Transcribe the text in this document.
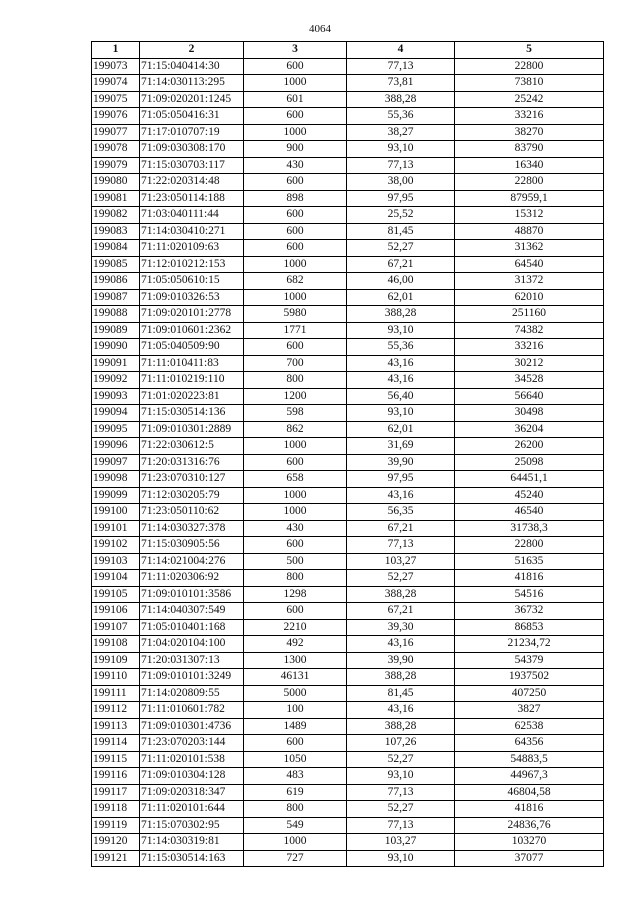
4064
1	2	3	4	5
199073	71:15:040414:30	600	77,13	22800
199074	71:14:030113:295	1000	73,81	73810
199075	71:09:020201:1245	601	388,28	25242
199076	71:05:050416:31	600	55,36	33216
199077	71:17:010707:19	1000	38,27	38270
199078	71:09:030308:170	900	93,10	83790
199079	71:15:030703:117	430	77,13	16340
199080	71:22:020314:48	600	38,00	22800
199081	71:23:050114:188	898	97,95	87959,1
199082	71:03:040111:44	600	25,52	15312
199083	71:14:030410:271	600	81,45	48870
199084	71:11:020109:63	600	52,27	31362
199085	71:12:010212:153	1000	67,21	64540
199086	71:05:050610:15	682	46,00	31372
199087	71:09:010326:53	1000	62,01	62010
199088	71:09:020101:2778	5980	388,28	251160
199089	71:09:010601:2362	1771	93,10	74382
199090	71:05:040509:90	600	55,36	33216
199091	71:11:010411:83	700	43,16	30212
199092	71:11:010219:110	800	43,16	34528
199093	71:01:020223:81	1200	56,40	56640
199094	71:15:030514:136	598	93,10	30498
199095	71:09:010301:2889	862	62,01	36204
199096	71:22:030612:5	1000	31,69	26200
199097	71:20:031316:76	600	39,90	25098
199098	71:23:070310:127	658	97,95	64451,1
199099	71:12:030205:79	1000	43,16	45240
199100	71:23:050110:62	1000	56,35	46540
199101	71:14:030327:378	430	67,21	31738,3
199102	71:15:030905:56	600	77,13	22800
199103	71:14:021004:276	500	103,27	51635
199104	71:11:020306:92	800	52,27	41816
199105	71:09:010101:3586	1298	388,28	54516
199106	71:14:040307:549	600	67,21	36732
199107	71:05:010401:168	2210	39,30	86853
199108	71:04:020104:100	492	43,16	21234,72
199109	71:20:031307:13	1300	39,90	54379
199110	71:09:010101:3249	46131	388,28	1937502
199111	71:14:020809:55	5000	81,45	407250
199112	71:11:010601:782	100	43,16	3827
199113	71:09:010301:4736	1489	388,28	62538
199114	71:23:070203:144	600	107,26	64356
199115	71:11:020101:538	1050	52,27	54883,5
199116	71:09:010304:128	483	93,10	44967,3
199117	71:09:020318:347	619	77,13	46804,58
199118	71:11:020101:644	800	52,27	41816
199119	71:15:070302:95	549	77,13	24836,76
199120	71:14:030319:81	1000	103,27	103270
199121	71:15:030514:163	727	93,10	37077
